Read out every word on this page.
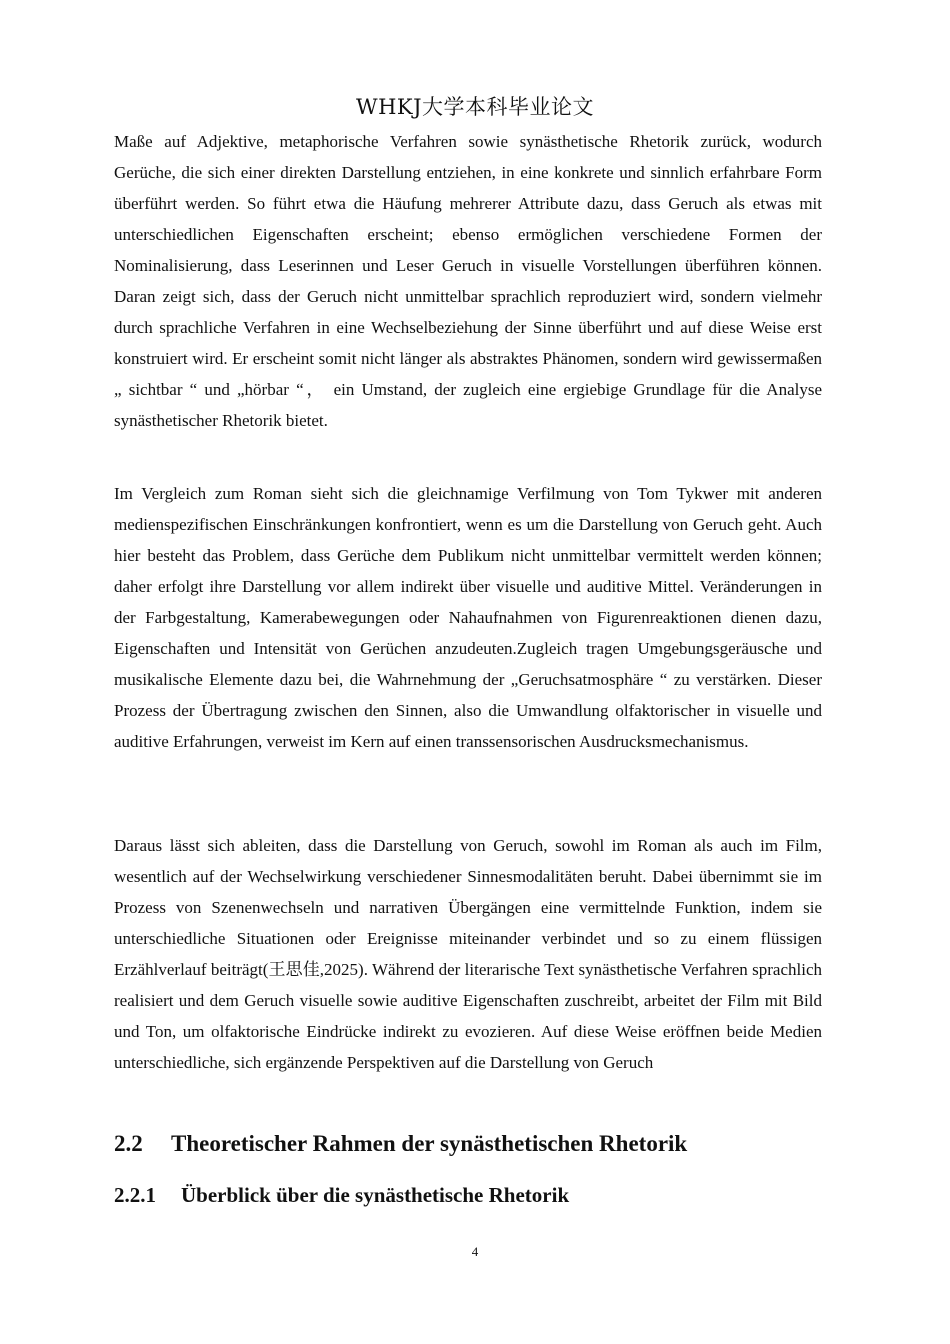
WHKJ大学本科毕业论文

Maße auf Adjektive, metaphorische Verfahren sowie synästhetische Rhetorik zurück, wodurch Gerüche, die sich einer direkten Darstellung entziehen, in eine konkrete und sinnlich erfahrbare Form überführt werden. So führt etwa die Häufung mehrerer Attribute dazu, dass Geruch als etwas mit unterschiedlichen Eigenschaften erscheint; ebenso ermöglichen verschiedene Formen der Nominalisierung, dass Leserinnen und Leser Geruch in visuelle Vorstellungen überführen können. Daran zeigt sich, dass der Geruch nicht unmittelbar sprachlich reproduziert wird, sondern vielmehr durch sprachliche Verfahren in eine Wechselbeziehung der Sinne überführt und auf diese Weise erst konstruiert wird. Er erscheint somit nicht länger als abstraktes Phänomen, sondern wird gewissermaßen „ sichtbar “ und „hörbar “， ein Umstand, der zugleich eine ergiebige Grundlage für die Analyse synästhetischer Rhetorik bietet.

Im Vergleich zum Roman sieht sich die gleichnamige Verfilmung von Tom Tykwer mit anderen medienspezifischen Einschränkungen konfrontiert, wenn es um die Darstellung von Geruch geht. Auch hier besteht das Problem, dass Gerüche dem Publikum nicht unmittelbar vermittelt werden können; daher erfolgt ihre Darstellung vor allem indirekt über visuelle und auditive Mittel. Veränderungen in der Farbgestaltung, Kamerabewegungen oder Nahaufnahmen von Figurenreaktionen dienen dazu, Eigenschaften und Intensität von Gerüchen anzudeuten.Zugleich tragen Umgebungsgeräusche und musikalische Elemente dazu bei, die Wahrnehmung der „Geruchsatmosphäre “ zu verstärken. Dieser Prozess der Übertragung zwischen den Sinnen, also die Umwandlung olfaktorischer in visuelle und auditive Erfahrungen, verweist im Kern auf einen transsensorischen Ausdrucksmechanismus.

Daraus lässt sich ableiten, dass die Darstellung von Geruch, sowohl im Roman als auch im Film, wesentlich auf der Wechselwirkung verschiedener Sinnesmodalitäten beruht. Dabei übernimmt sie im Prozess von Szenenwechseln und narrativen Übergängen eine vermittelnde Funktion, indem sie unterschiedliche Situationen oder Ereignisse miteinander verbindet und so zu einem flüssigen Erzählverlauf beiträgt(王思佳,2025). Während der literarische Text synästhetische Verfahren sprachlich realisiert und dem Geruch visuelle sowie auditive Eigenschaften zuschreibt, arbeitet der Film mit Bild und Ton, um olfaktorische Eindrücke indirekt zu evozieren. Auf diese Weise eröffnen beide Medien unterschiedliche, sich ergänzende Perspektiven auf die Darstellung von Geruch

2.2 Theoretischer Rahmen der synästhetischen Rhetorik
2.2.1 Überblick über die synästhetische Rhetorik
4
